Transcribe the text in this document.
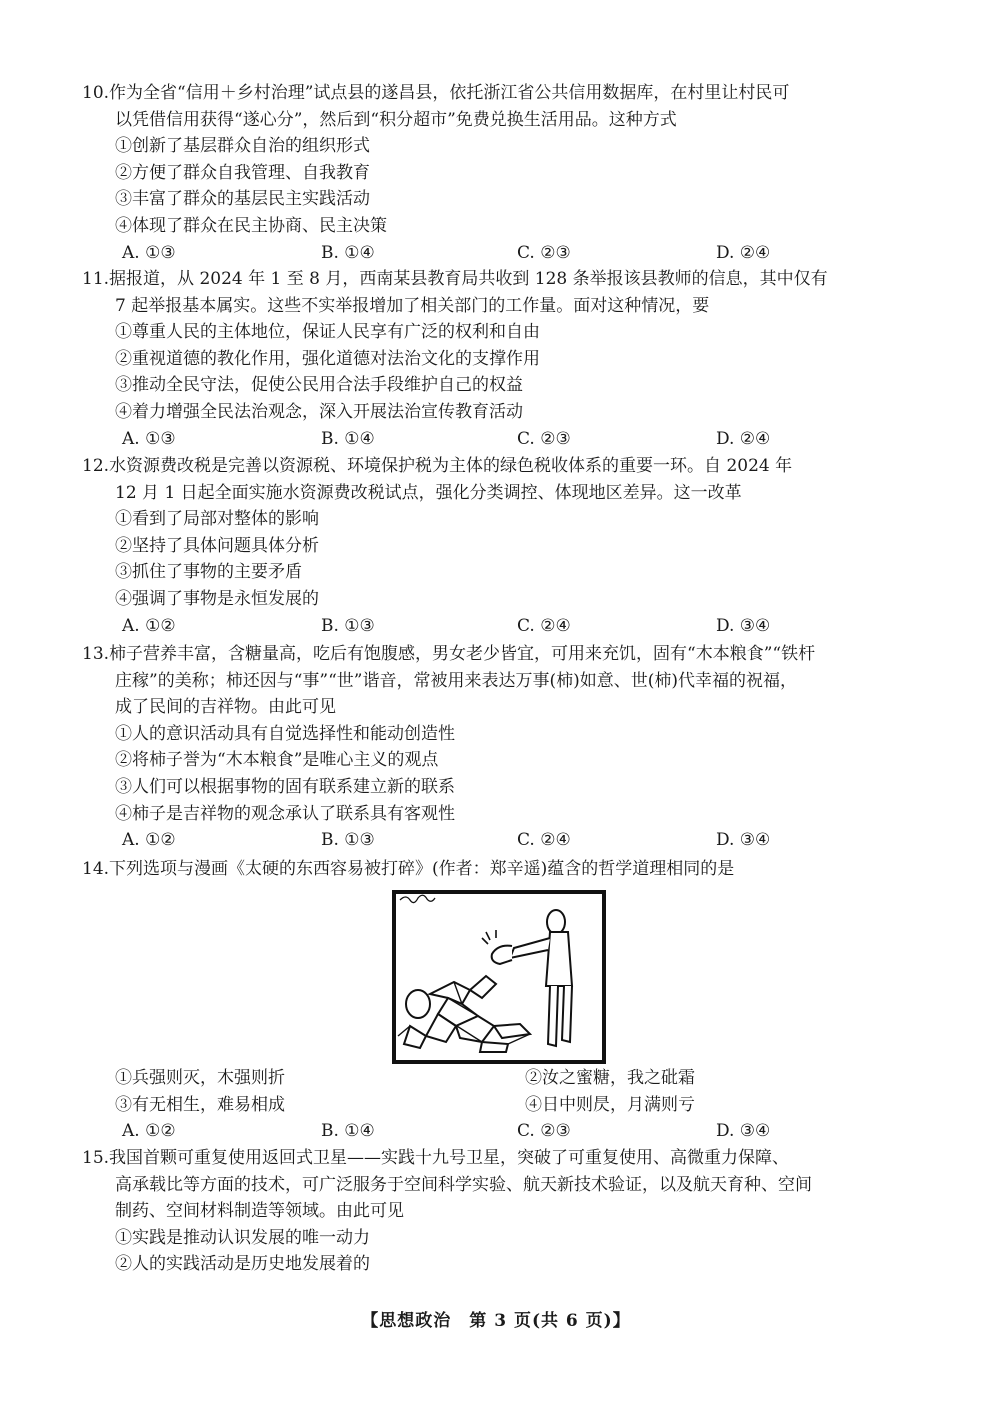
10.作为全省“信用＋乡村治理”试点县的遂昌县，依托浙江省公共信用数据库，在村里让村民可

以凭借信用获得“遂心分”，然后到“积分超市”免费兑换生活用品。这种方式

①创新了基层群众自治的组织形式

②方便了群众自我管理、自我教育

③丰富了群众的基层民主实践活动

④体现了群众在民主协商、民主决策

A. ①③	B. ①④	C. ②③	D. ②④

11.据报道，从 2024 年 1 至 8 月，西南某县教育局共收到 128 条举报该县教师的信息，其中仅有

7 起举报基本属实。这些不实举报增加了相关部门的工作量。面对这种情况，要

①尊重人民的主体地位，保证人民享有广泛的权利和自由

②重视道德的教化作用，强化道德对法治文化的支撑作用

③推动全民守法，促使公民用合法手段维护自己的权益

④着力增强全民法治观念，深入开展法治宣传教育活动

A. ①③	B. ①④	C. ②③	D. ②④

12.水资源费改税是完善以资源税、环境保护税为主体的绿色税收体系的重要一环。自 2024 年

12 月 1 日起全面实施水资源费改税试点，强化分类调控、体现地区差异。这一改革

①看到了局部对整体的影响

②坚持了具体问题具体分析

③抓住了事物的主要矛盾

④强调了事物是永恒发展的

A. ①②	B. ①③	C. ②④	D. ③④

13.柿子营养丰富，含糖量高，吃后有饱腹感，男女老少皆宜，可用来充饥，固有“木本粮食”“铁杆

庄稼”的美称；柿还因与“事”“世”谐音，常被用来表达万事(柿)如意、世(柿)代幸福的祝福，

成了民间的吉祥物。由此可见

①人的意识活动具有自觉选择性和能动创造性

②将柿子誉为“木本粮食”是唯心主义的观点

③人们可以根据事物的固有联系建立新的联系

④柿子是吉祥物的观念承认了联系具有客观性

A. ①②	B. ①③	C. ②④	D. ③④

14.下列选项与漫画《太硬的东西容易被打碎》(作者：郑辛遥)蕴含的哲学道理相同的是

①兵强则灭，木强则折	②汝之蜜糖，我之砒霜
③有无相生，难易相成	④日中则昃，月满则亏
A. ①②	B. ①④	C. ②③	D. ③④

15.我国首颗可重复使用返回式卫星——实践十九号卫星，突破了可重复使用、高微重力保障、

高承载比等方面的技术，可广泛服务于空间科学实验、航天新技术验证，以及航天育种、空间

制药、空间材料制造等领域。由此可见

①实践是推动认识发展的唯一动力

②人的实践活动是历史地发展着的

【思想政治　第 3 页(共 6 页)】
